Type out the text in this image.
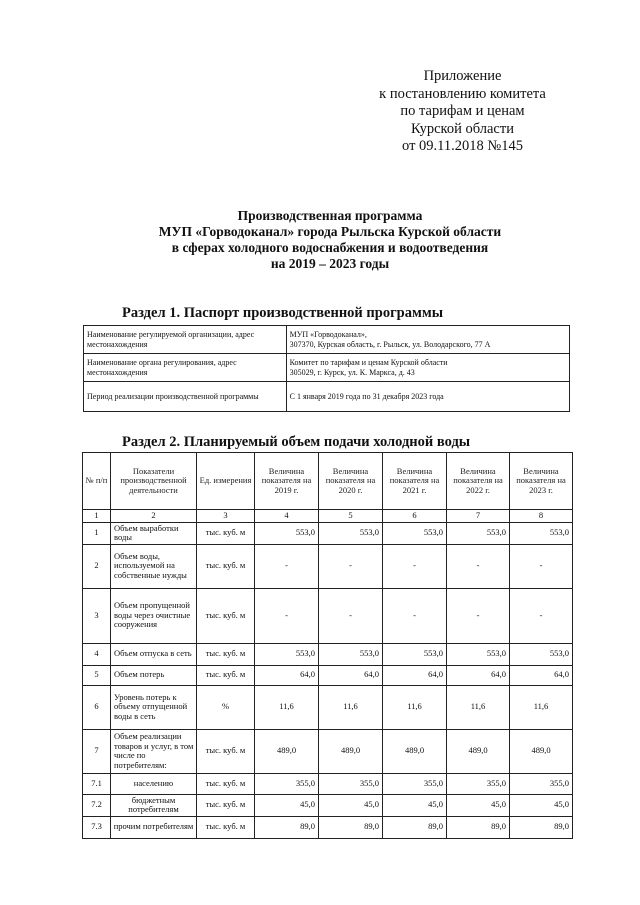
Приложение
к постановлению комитета
по тарифам и ценам
Курской области
от 09.11.2018 №145
Производственная программа
МУП «Горводоканал» города Рыльска Курской области
в сферах холодного водоснабжения и водоотведения
на 2019 – 2023 годы
Раздел 1. Паспорт производственной программы
Наименование регулируемой организации, адрес местонахождения	МУП «Горводоканал»,
307370, Курская область, г. Рыльск, ул. Володарского, 77 А

Наименование органа регулирования, адрес местонахождения	Комитет по тарифам и ценам Курской области
305029, г. Курск, ул. К. Маркса, д. 43

Период реализации производственной программы	С 1 января 2019 года по 31 декабря 2023 года
Раздел 2. Планируемый объем подачи холодной воды
№ п/п	Показатели производственной деятельности	Ед. измерения	Величина показателя на 2019 г.	Величина показателя на 2020 г.	Величина показателя на 2021 г.	Величина показателя на 2022 г.	Величина показателя на 2023 г.
1	2	3	4	5	6	7	8
1	Объем выработки воды	тыс. куб. м	553,0	553,0	553,0	553,0	553,0
2	Объем воды, используемой на собственные нужды	тыс. куб. м	-	-	-	-	-
3	Объем пропущенной воды через очистные сооружения	тыс. куб. м	-	-	-	-	-
4	Объем отпуска в сеть	тыс. куб. м	553,0	553,0	553,0	553,0	553,0
5	Объем потерь	тыс. куб. м	64,0	64,0	64,0	64,0	64,0
6	Уровень потерь к объему отпущенной воды в сеть	%	11,6	11,6	11,6	11,6	11,6
7	Объем реализации товаров и услуг, в том числе по потребителям:	тыс. куб. м	489,0	489,0	489,0	489,0	489,0
7.1	населению	тыс. куб. м	355,0	355,0	355,0	355,0	355,0
7.2	бюджетным потребителям	тыс. куб. м	45,0	45,0	45,0	45,0	45,0
7.3	прочим потребителям	тыс. куб. м	89,0	89,0	89,0	89,0	89,0
